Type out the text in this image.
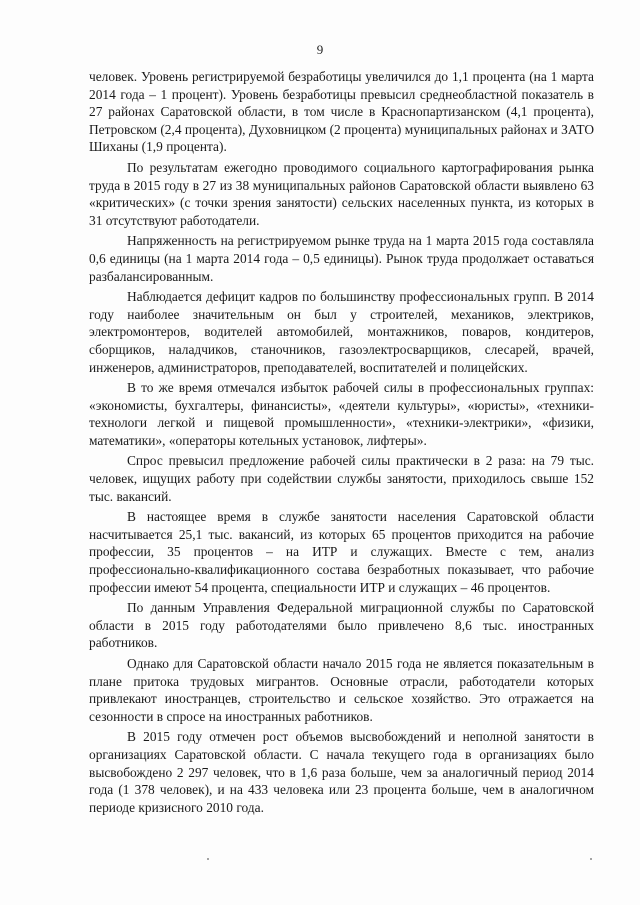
9

человек. Уровень регистрируемой безработицы увеличился до 1,1 процента (на 1 марта 2014 года – 1 процент). Уровень безработицы превысил среднеобластной показатель в 27 районах Саратовской области, в том числе в Краснопартизанском (4,1 процента), Петровском (2,4 процента), Духовницком (2 процента) муниципальных районах и ЗАТО Шиханы (1,9 процента).

По результатам ежегодно проводимого социального картографирования рынка труда в 2015 году в 27 из 38 муниципальных районов Саратовской области выявлено 63 «критических» (с точки зрения занятости) сельских населенных пункта, из которых в 31 отсутствуют работодатели.

Напряженность на регистрируемом рынке труда на 1 марта 2015 года составляла 0,6 единицы (на 1 марта 2014 года – 0,5 единицы). Рынок труда продолжает оставаться разбалансированным.

Наблюдается дефицит кадров по большинству профессиональных групп. В 2014 году наиболее значительным он был у строителей, механиков, электриков, электромонтеров, водителей автомобилей, монтажников, поваров, кондитеров, сборщиков, наладчиков, станочников, газоэлектросварщиков, слесарей, врачей, инженеров, администраторов, преподавателей, воспитателей и полицейских.

В то же время отмечался избыток рабочей силы в профессиональных группах: «экономисты, бухгалтеры, финансисты», «деятели культуры», «юристы», «техники-технологи легкой и пищевой промышленности», «техники-электрики», «физики, математики», «операторы котельных установок, лифтеры».

Спрос превысил предложение рабочей силы практически в 2 раза: на 79 тыс. человек, ищущих работу при содействии службы занятости, приходилось свыше 152 тыс. вакансий.

В настоящее время в службе занятости населения Саратовской области насчитывается 25,1 тыс. вакансий, из которых 65 процентов приходится на рабочие профессии, 35 процентов – на ИТР и служащих. Вместе с тем, анализ профессионально-квалификационного состава безработных показывает, что рабочие профессии имеют 54 процента, специальности ИТР и служащих – 46 процентов.

По данным Управления Федеральной миграционной службы по Саратовской области в 2015 году работодателями было привлечено 8,6 тыс. иностранных работников.

Однако для Саратовской области начало 2015 года не является показательным в плане притока трудовых мигрантов. Основные отрасли, работодатели которых привлекают иностранцев, строительство и сельское хозяйство. Это отражается на сезонности в спросе на иностранных работников.

В 2015 году отмечен рост объемов высвобождений и неполной занятости в организациях Саратовской области. С начала текущего года в организациях было высвобождено 2 297 человек, что в 1,6 раза больше, чем за аналогичный период 2014 года (1 378 человек), и на 433 человека или 23 процента больше, чем в аналогичном периоде кризисного 2010 года.
